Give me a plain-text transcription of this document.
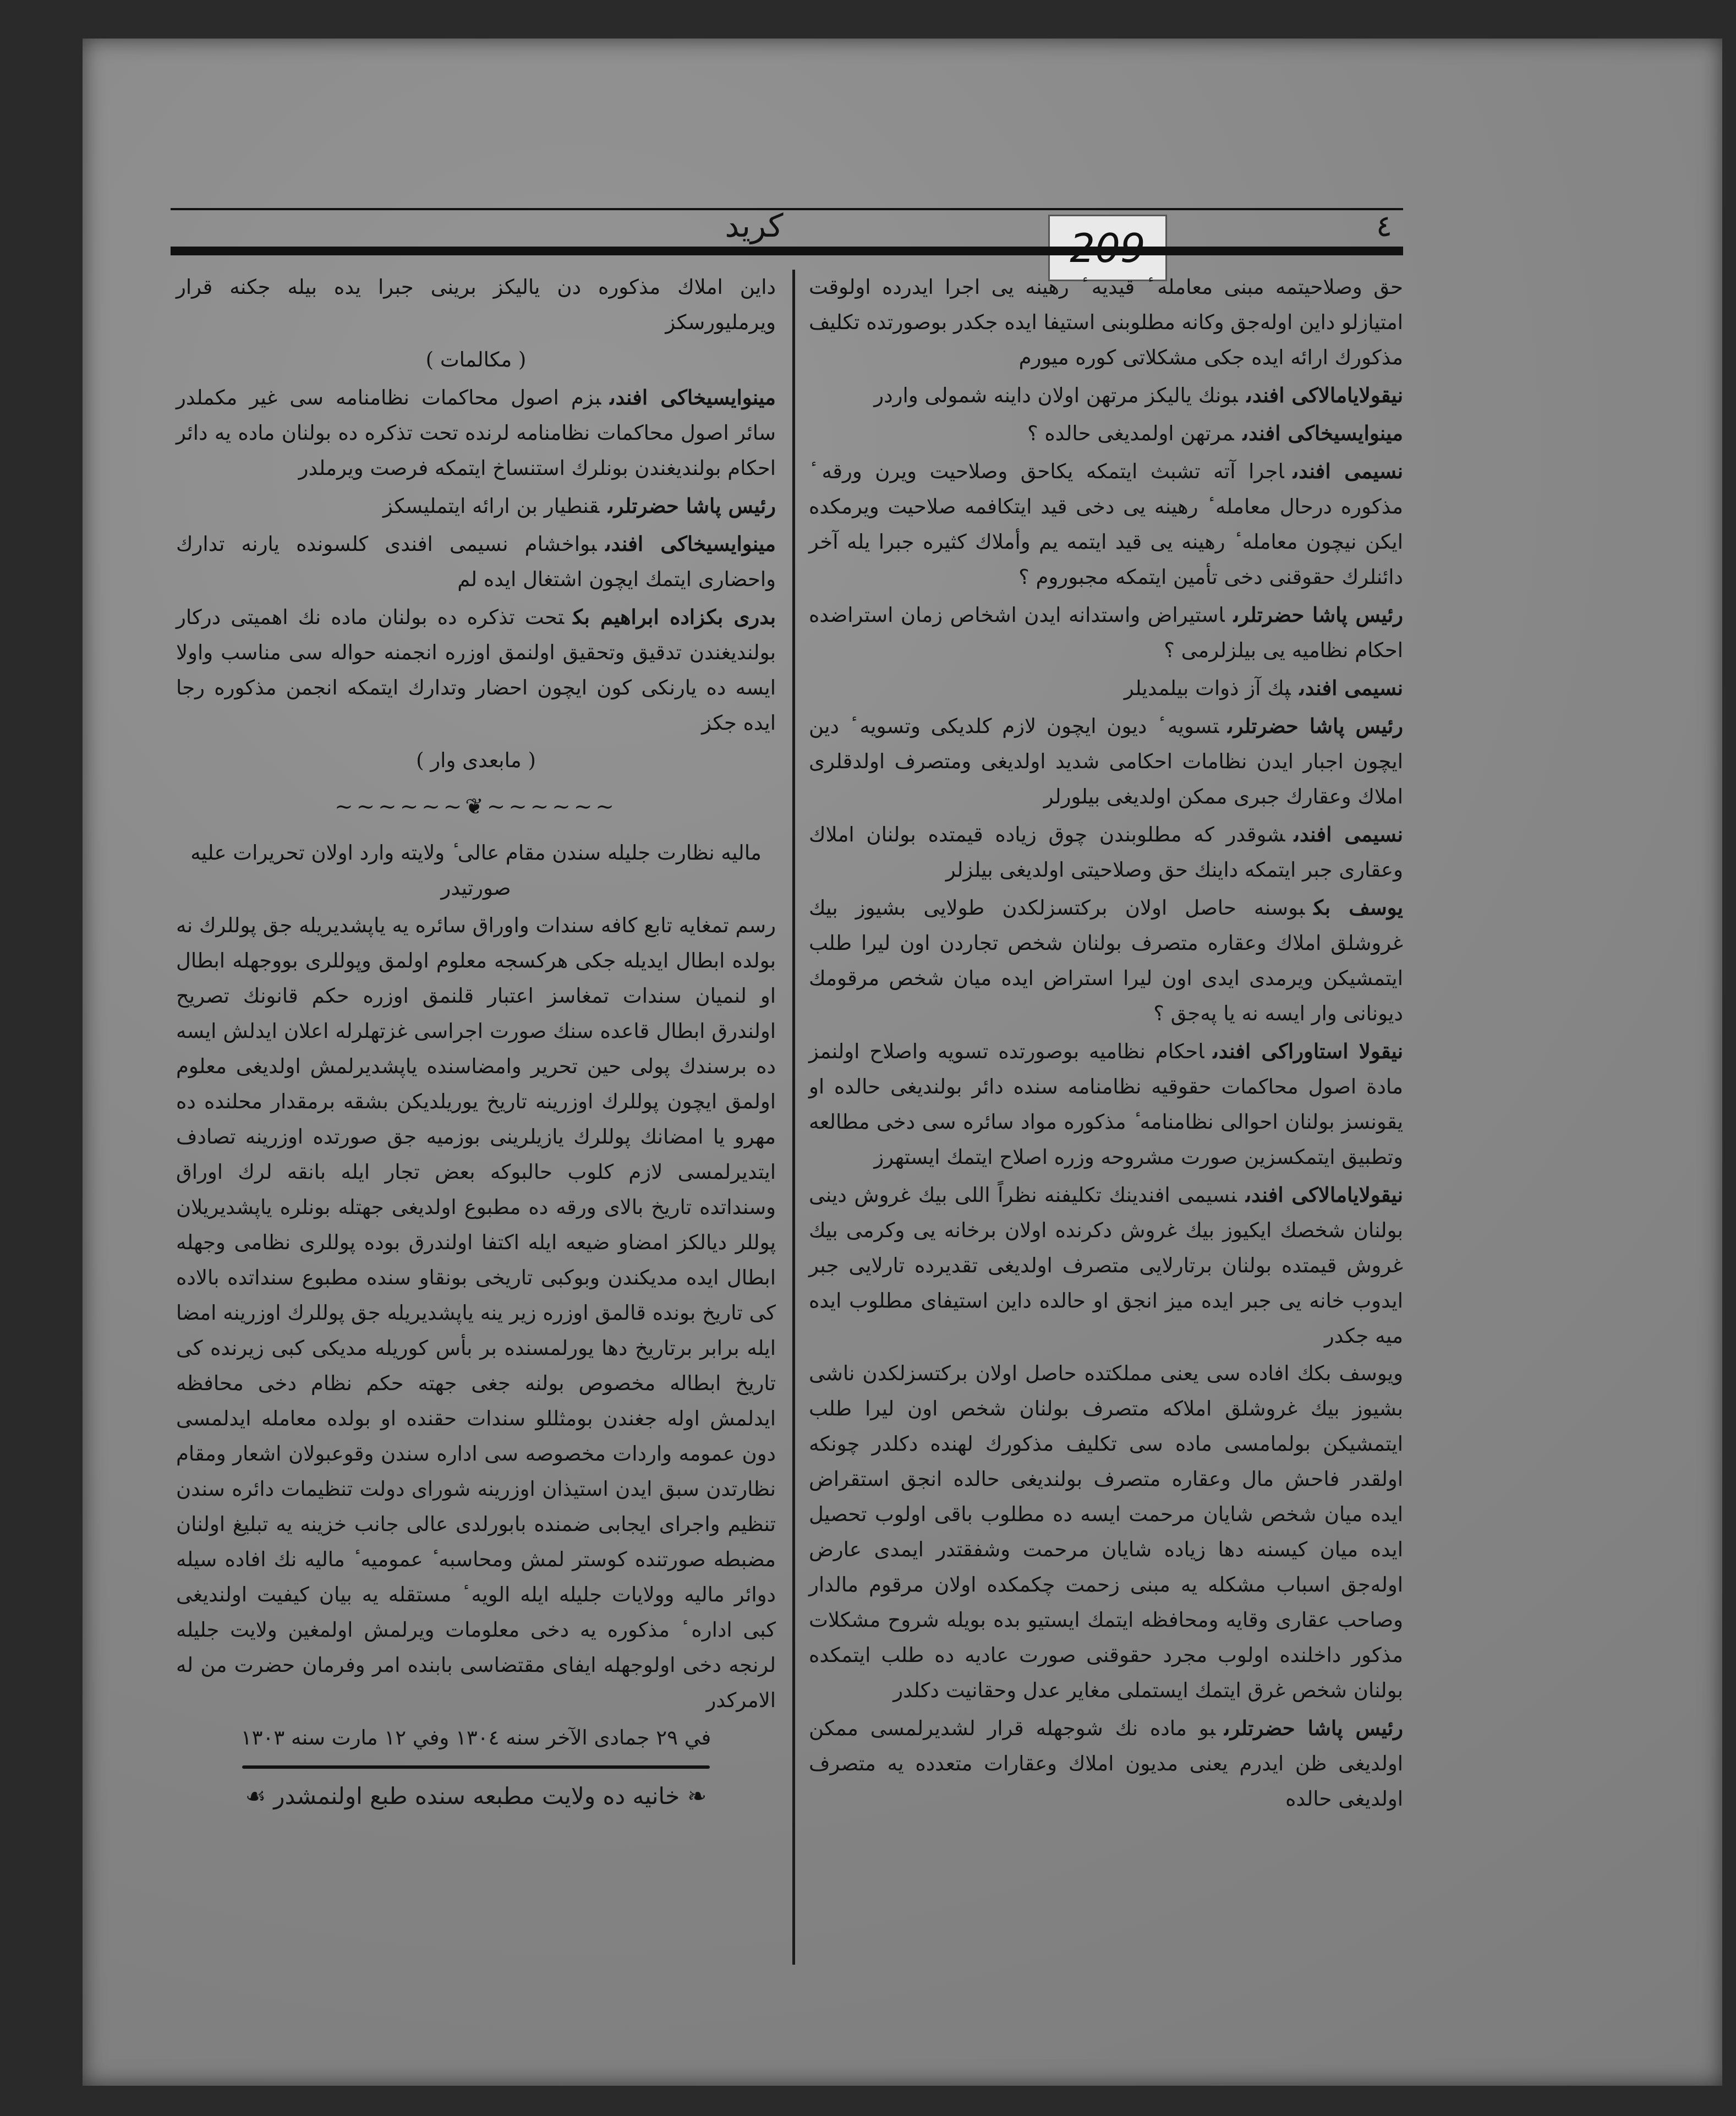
٤
كريد

حق وصلاحيتمه مبنى معامله ٔ قيديه ٔ رهينه يى اجرا ايدرده اولوقت امتيازلو داين اولەجق وكانه مطلوبنى استيفا ايده جكدر بوصورتده تكليف مذكورك ارائه ايده جكى مشكلاتى كوره ميورم

نيقولايامالاكى افندىبونك ياليكز مرتهن اولان داينه شمولى واردر

مينوايسيخاكى افندىمرتهن اولمديغى حالده ؟

نسيمى افندىاجرا آته تشبث ايتمكه يكاحق وصلاحيت ويرن ورقه ٔ مذكوره درحال معامله ٔ رهينه يى دخى قيد ايتكافمه صلاحيت ويرمكده ايكن نيچون معامله ٔ رهينه يى قيد ايتمه يم وأملاك كثيره جبرا يله آخر دائنلرك حقوقنى دخى تأمين ايتمكه مجبوروم ؟

رئيس پاشا حضرتلرىاستيراض واستدانه ايدن اشخاص زمان استراضده احكام نظاميه يى بيلزلرمى ؟

نسيمى افندىپك آز ذوات بيلمديلر

رئيس پاشا حضرتلرىتسويه ٔ ديون ايچون لازم كلديكى وتسويه ٔ دين ايچون اجبار ايدن نظامات احكامى شديد اولديغى ومتصرف اولدقلرى املاك وعقارك جبرى ممكن اولديغى بيلورلر

نسيمى افندىشوقدر كه مطلوبندن چوق زياده قيمتده بولنان املاك وعقارى جبر ايتمكه داينك حق وصلاحيتى اولديغى بيلزلر

يوسف بكبوسنه حاصل اولان بركتسزلكدن طولايى بشيوز بيك غروشلق املاك وعقاره متصرف بولنان شخص تجاردن اون ليرا طلب ايتمشيكن ويرمدى ايدى اون ليرا استراض ايده ميان شخص مرقومك ديونانى وار ايسه نه يا پەجق ؟

نيقولا استاوراكى افندىاحكام نظاميه بوصورتده تسويه واصلاح اولنمز مادة اصول محاكمات حقوقيه نظامنامه سنده دائر بولنديغى حالده او يقونسز بولنان احوالى نظامنامه ٔ مذكوره مواد سائره سى دخى مطالعه وتطبيق ايتمكسزين صورت مشروحه وزره اصلاح ايتمك ايستهرز

نيقولايامالاكى افندىنسيمى افندينك تكليفنه نظراً اللى بيك غروش دينى بولنان شخصك ايكيوز بيك غروش دكرنده اولان برخانه يى وكرمى بيك غروش قيمتده بولنان برتارلايى متصرف اولديغى تقديرده تارلايى جبر ايدوب خانه يى جبر ايده ميز انجق او حالده داين استيفاى مطلوب ايده ميه جكدر

ويوسف بكك افاده سى يعنى مملكتده حاصل اولان بركتسزلكدن ناشى بشيوز بيك غروشلق املاكه متصرف بولنان شخص اون ليرا طلب ايتمشيكن بولمامسى ماده سى تكليف مذكورك لهنده دكلدر چونكه اولقدر فاحش مال وعقاره متصرف بولنديغى حالده انجق استقراض ايده ميان شخص شايان مرحمت ايسه ده مطلوب باقى اولوب تحصيل ايده ميان كيسنه دها زياده شايان مرحمت وشفقتدر ايمدى عارض اولەجق اسباب مشكله يه مبنى زحمت چكمكده اولان مرقوم مالدار وصاحب عقارى وقايه ومحافظه ايتمك ايستيو بده بويله شروح مشكلات مذكور داخلنده اولوب مجرد حقوقنى صورت عاديه ده طلب ايتمكده بولنان شخص غرق ايتمك ايستملى مغاير عدل وحقانيت دكلدر

رئيس پاشا حضرتلرىبو ماده نك شوجهله قرار لشديرلمسى ممكن اولديغى ظن ايدرم يعنى مديون املاك وعقارات متعدده يه متصرف اولديغى حالده

داين املاك مذكوره دن ياليكز برينى جبرا يده بيله جكنه قرار ويرمليورسكز

( مكالمات )

مينوايسيخاكى افندىبزم اصول محاكمات نظامنامه سى غير مكملدر سائر اصول محاكمات نظامنامه لرنده تحت تذكره ده بولنان ماده يه دائر احكام بولنديغندن بونلرك استنساخ ايتمكه فرصت ويرملدر

رئيس پاشا حضرتلرىقنطيار بن ارائه ايتمليسكز

مينوايسيخاكى افندىبواخشام نسيمى افندى كلسونده يارنه تدارك واحضارى ايتمك ايچون اشتغال ايده لم

بدرى بكزاده ابراهيم بكتحت تذكره ده بولنان ماده نك اهميتى دركار بولنديغندن تدقيق وتحقيق اولنمق اوزره انجمنه حواله سى مناسب واولا ايسه ده يارنكى كون ايچون احضار وتدارك ايتمكه انجمن مذكوره رجا ايده جكز

( مابعدى وار )

~~~~~~❦~~~~~~

ماليه نظارت جليله سندن مقام عالى ٔ ولايته وارد اولان تحريرات عليه صورتيدر

رسم تمغايه تابع كافه سندات واوراق سائره يه ياپشديريله جق پوللرك نه بولده ابطال ايديله جكى هركسجه معلوم اولمق وپوللرى بووجهله ابطال او لنميان سندات تمغاسز اعتبار قلنمق اوزره حكم قانونك تصريح اولندرق ابطال قاعده سنك صورت اجراسى غزتهلرله اعلان ايدلش ايسه ده برسندك پولى حين تحرير وامضاسنده ياپشديرلمش اولديغى معلوم اولمق ايچون پوللرك اوزرينه تاريخ يوريلديكن بشقه برمقدار محلنده ده مهرو يا امضانك پوللرك يازيلرينى بوزميه جق صورتده اوزرينه تصادف ايتديرلمسى لازم كلوب حالبوكه بعض تجار ايله بانقه لرك اوراق وسنداتده تاريخ بالاى ورقه ده مطبوع اولديغى جهتله بونلره ياپشديريلان پوللر ديالكز امضاو ضيعه ايله اكتفا اولندرق بوده پوللرى نظامى وجهله ابطال ايده مديكندن وبوكبى تاريخى بونقاو سنده مطبوع سنداتده بالاده كى تاريخ بونده قالمق اوزره زير ينه ياپشديريله جق پوللرك اوزرينه امضا ايله برابر برتاريخ دها يورلمسنده بر بأس كوريله مديكى كبى زيرنده كى تاريخ ابطاله مخصوص بولنه جغى جهته حكم نظام دخى محافظه ايدلمش اوله جغندن بومثللو سندات حقنده او بولده معامله ايدلمسى دون عمومه واردات مخصوصه سى اداره سندن وقوعبولان اشعار ومقام نظارتدن سبق ايدن استيذان اوزرينه شوراى دولت تنظيمات دائره سندن تنظيم واجراى ايجابى ضمنده بابورلدى عالى جانب خزينه يه تبليغ اولنان مضبطه صورتنده كوستر لمش ومحاسبه ٔ عموميه ٔ ماليه نك افاده سيله دوائر ماليه وولايات جليله ايله الويه ٔ مستقله يه بيان كيفيت اولنديغى كبى اداره ٔ مذكوره يه دخى معلومات ويرلمش اولمغين ولايت جليله لرنجه دخى اولوجهله ايفاى مقتضاسى بابنده امر وفرمان حضرت من له الامركدر

في ٢٩ جمادى الآخر سنه ١٣٠٤ وفي ١٢ مارت سنه ١٣٠٣

❧خانيه ده ولايت مطبعه سنده طبع اولنمشدر☙
